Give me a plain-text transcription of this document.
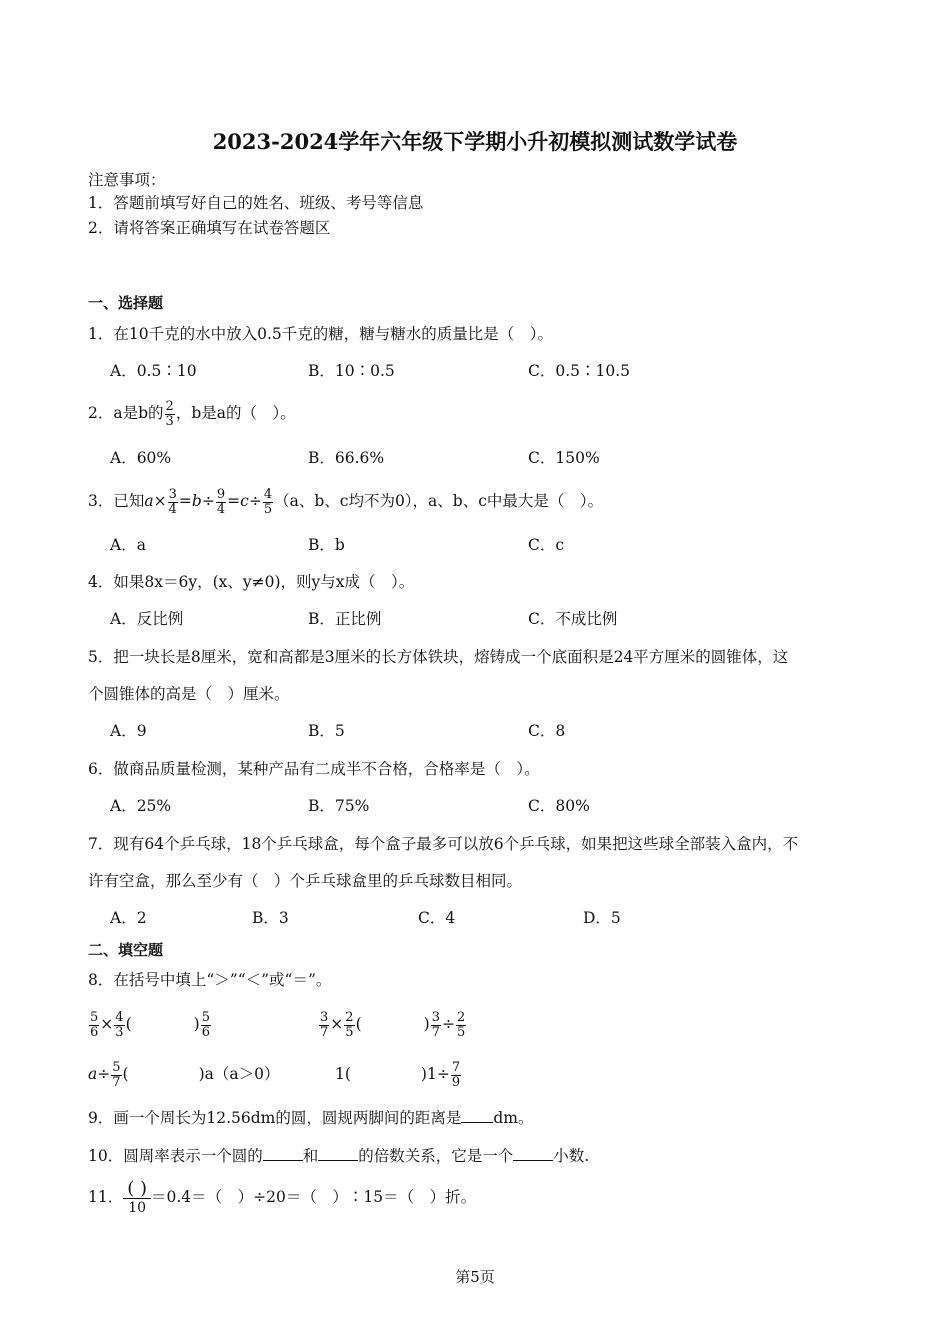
2023-2024学年六年级下学期小升初模拟测试数学试卷
注意事项：
1．答题前填写好自己的姓名、班级、考号等信息
2．请将答案正确填写在试卷答题区
一、选择题
1．在10千克的水中放入0.5千克的糖，糖与糖水的质量比是（　）。
A．0.5∶10	B．10∶0.5	C．0.5∶10.5
2．a是b的 $\frac{2}{3}$ ，b是a的（　）。
A．60%	B．66.6%	C．150%
3．已知$a\times \frac{3}{4} =b\div \frac{9}{4} =c\div \frac{4}{5} (a$、b、c均不为0），a、b、c中最大是（　）。
A．a	B．b	C．c
4．如果8x＝6y，(x、y≠0)，则y与x成（　）。
A．反比例	B．正比例	C．不成比例
5．把一块长是8厘米，宽和高都是3厘米的长方体铁块，熔铸成一个底面积是24平方厘米的圆锥体，这
个圆锥体的高是（　）厘米。
A．9	B．5	C．8
6．做商品质量检测，某种产品有二成半不合格，合格率是（　）。
A．25%	B．75%	C．80%
7．现有64个乒乓球，18个乒乓球盒，每个盒子最多可以放6个乒乓球，如果把这些球全部装入盒内，不
许有空盒，那么至少有（　）个乒乓球盒里的乒乓球数目相同。
A．2	B．3	C．4	D．5
二、填空题
8．在括号中填上“＞”“＜”或“＝”。
$\frac{5}{6} \times \frac{4}{3}$ (	) $\frac{5}{6}$	$\frac{3}{7} \times \frac{2}{5}$ (	) $\frac{3}{7} \div \frac{2}{5}$
$a\div \frac{5}{7}$ (	)a（a＞0）	1(	)$1\div \frac{7}{9}$
9．画一个周长为12.56dm的圆，圆规两脚间的距离是 dm。
10．圆周率表示一个圆的	和	的倍数关系，它是一个	小数.
11． ( )
10
＝0.4＝（　）÷20＝（　）∶15＝（　）折。
第5页
